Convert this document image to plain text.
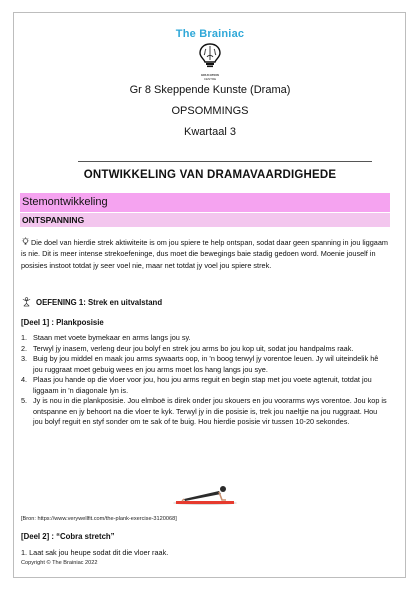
The Brainiac
EDUCATION
CENTRE
Gr 8 Skeppende Kunste (Drama)
OPSOMMINGS
Kwartaal 3
ONTWIKKELING VAN DRAMAVAARDIGHEDE
Stemontwikkeling
ONTSPANNING
Die doel van hierdie strek aktiwiteite is om jou spiere te help ontspan, sodat daar geen spanning in jou liggaam is nie. Dit is meer intense strekoefeninge, dus moet die bewegings baie stadig gedoen word. Moenie jouself in posisies instoot totdat jy seer voel nie, maar net totdat jy voel jou spiere strek.
OEFENING 1: Strek en uitvalstand
[Deel 1] : Plankposisie
1. Staan met voete bymekaar en arms langs jou sy.
2. Terwyl jy inasem, verleng deur jou bolyf en strek jou arms bo jou kop uit, sodat jou handpalms raak.
3. Buig by jou middel en maak jou arms sywaarts oop, in 'n boog terwyl jy vorentoe leuen. Jy wil uiteindelik hê jou ruggraat moet gebuig wees en jou arms moet los hang langs jou sye.
4. Plaas jou hande op die vloer voor jou, hou jou arms reguit en begin stap met jou voete agteruit, totdat jou liggaam in 'n diagonale lyn is.
5. Jy is nou in die plankposisie. Jou elmboë is direk onder jou skouers en jou voorarms wys vorentoe. Jou kop is ontspanne en jy behoort na die vloer te kyk. Terwyl jy in die posisie is, trek jou naeltjie na jou ruggraat. Hou jou bolyf reguit en styf sonder om te sak of te buig. Hou hierdie posisie vir tussen 10-20 sekondes.
[Bron: https://www.verywellfit.com/the-plank-exercise-3120068]
[Deel 2] : “Cobra stretch”
1. Laat sak jou heupe sodat dit die vloer raak.
Copyright © The Brainiac 2022
